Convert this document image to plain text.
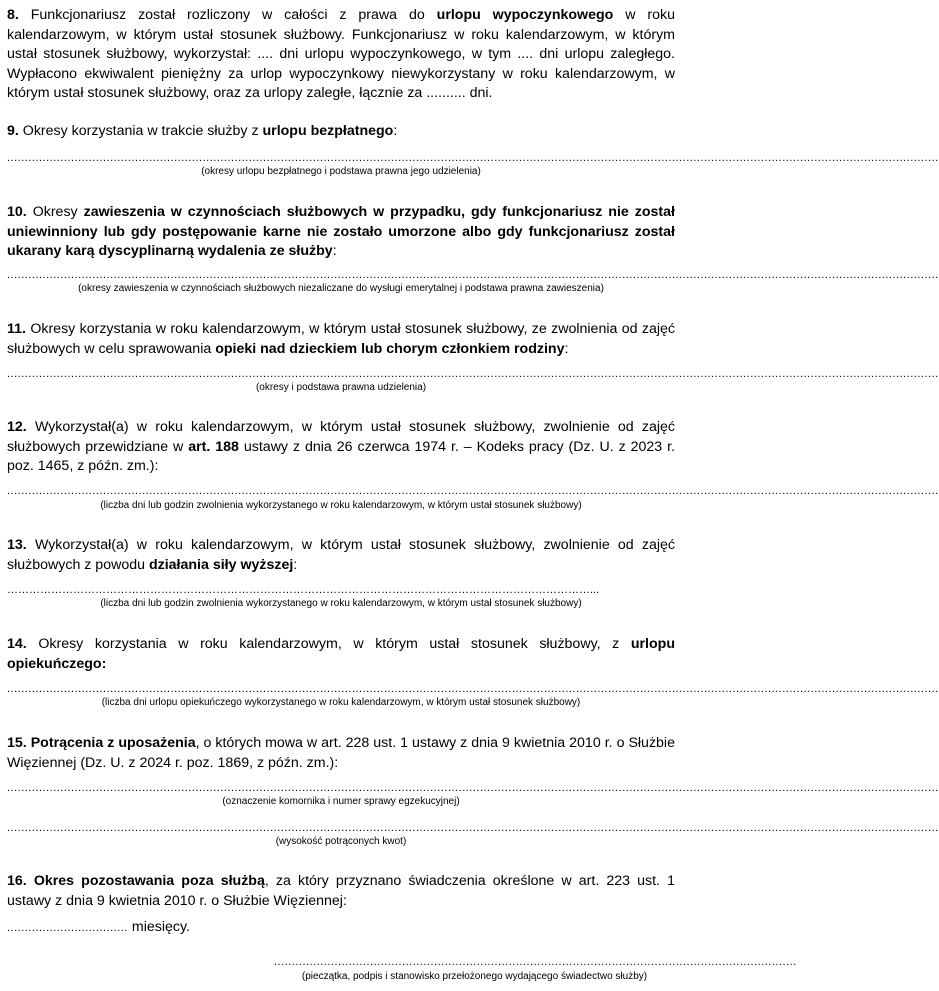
8. Funkcjonariusz został rozliczony w całości z prawa do urlopu wypoczynkowego w roku kalendarzowym, w którym ustał stosunek służbowy. Funkcjonariusz w roku kalendarzowym, w którym ustał stosunek służbowy, wykorzystał: .... dni urlopu wypoczynkowego, w tym .... dni urlopu zaległego. Wypłacono ekwiwalent pieniężny za urlop wypoczynkowy niewykorzystany w roku kalendarzowym, w którym ustał stosunek służbowy, oraz za urlopy zaległe, łącznie za .......... dni.
9. Okresy korzystania w trakcie służby z urlopu bezpłatnego:
......................................................................................................................................................................................................................................................................
(okresy urlopu bezpłatnego i podstawa prawna jego udzielenia)
10. Okresy zawieszenia w czynnościach służbowych w przypadku, gdy funkcjonariusz nie został uniewinniony lub gdy postępowanie karne nie zostało umorzone albo gdy funkcjonariusz został ukarany karą dyscyplinarną wydalenia ze służby:
......................................................................................................................................................................................................................................................................
(okresy zawieszenia w czynnościach służbowych niezaliczane do wysługi emerytalnej i podstawa prawna zawieszenia)
11. Okresy korzystania w roku kalendarzowym, w którym ustał stosunek służbowy, ze zwolnienia od zajęć służbowych w celu sprawowania opieki nad dzieckiem lub chorym członkiem rodziny:
......................................................................................................................................................................................................................................................................
(okresy i podstawa prawna udzielenia)
12. Wykorzystał(a) w roku kalendarzowym, w którym ustał stosunek służbowy, zwolnienie od zajęć służbowych przewidziane w art. 188 ustawy z dnia 26 czerwca 1974 r. – Kodeks pracy (Dz. U. z 2023 r. poz. 1465, z późn. zm.):
......................................................................................................................................................................................................................................................................
(liczba dni lub godzin zwolnienia wykorzystanego w roku kalendarzowym, w którym ustał stosunek służbowy)
13. Wykorzystał(a) w roku kalendarzowym, w którym ustał stosunek służbowy, zwolnienie od zajęć służbowych z powodu działania siły wyższej:
……………………………………………………………………………………………………………………………………………...
(liczba dni lub godzin zwolnienia wykorzystanego w roku kalendarzowym, w którym ustał stosunek służbowy)
14. Okresy korzystania w roku kalendarzowym, w którym ustał stosunek służbowy, z urlopu opiekuńczego:
......................................................................................................................................................................................................................................................................
(liczba dni urlopu opiekuńczego wykorzystanego w roku kalendarzowym, w którym ustał stosunek służbowy)
15. Potrącenia z uposażenia, o których mowa w art. 228 ust. 1 ustawy z dnia 9 kwietnia 2010 r. o Służbie Więziennej (Dz. U. z 2024 r. poz. 1869, z późn. zm.):
......................................................................................................................................................................................................................................................................
(oznaczenie komornika i numer sprawy egzekucyjnej)
......................................................................................................................................................................................................................................................................
(wysokość potrąconych kwot)
16. Okres pozostawania poza służbą, za który przyznano świadczenia określone w art. 223 ust. 1 ustawy z dnia 9 kwietnia 2010 r. o Służbie Więziennej:
.................................. miesięcy.
...................................................................................................................................................
(pieczątka, podpis i stanowisko przełożonego wydającego świadectwo służby)
